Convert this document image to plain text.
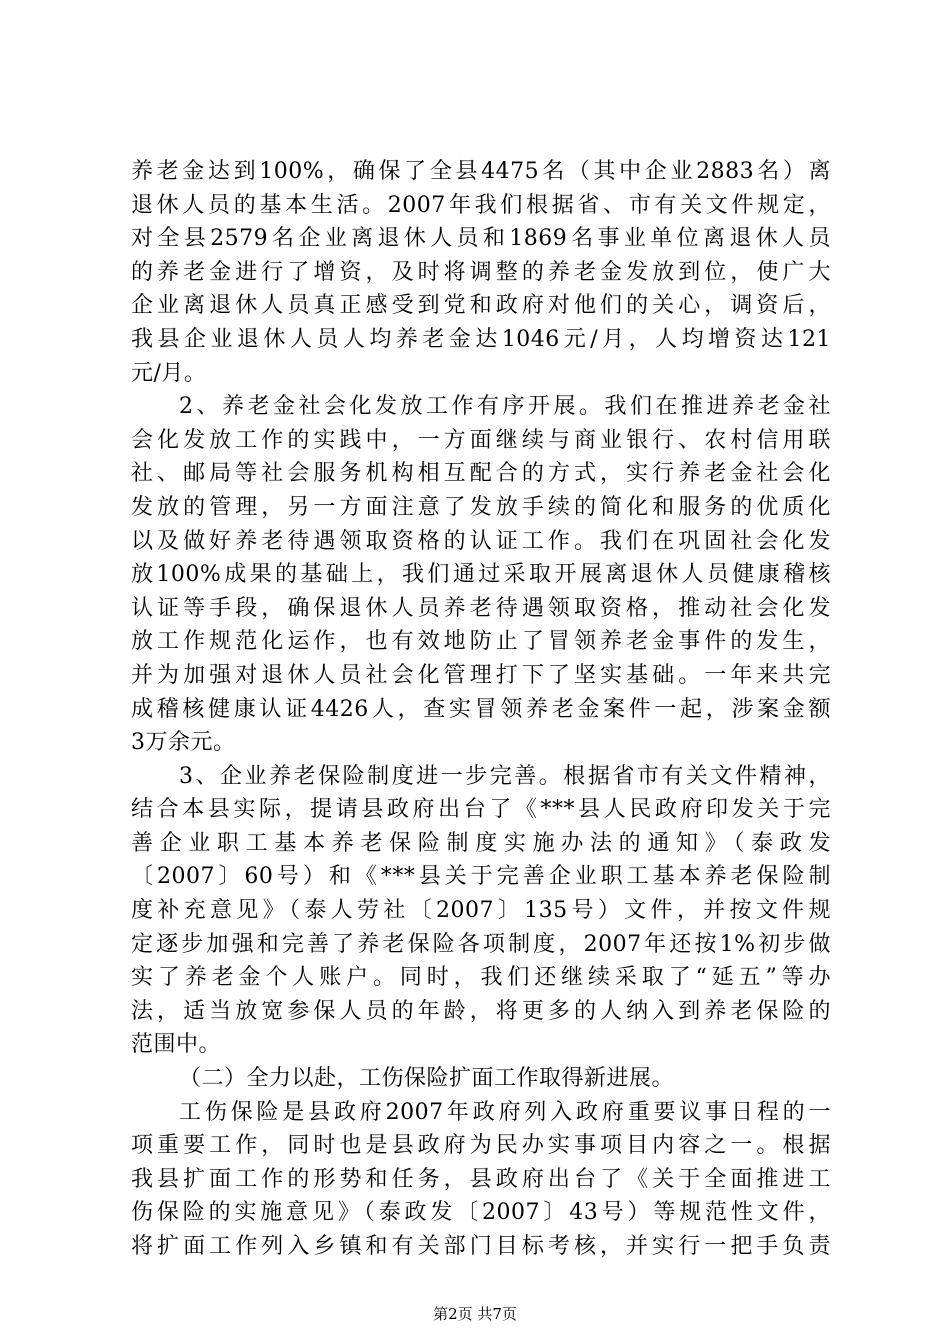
养老金达到100%，确保了全县4475名（其中企业2883名）离
退休人员的基本生活。2007年我们根据省、市有关文件规定，
对全县2579名企业离退休人员和1869名事业单位离退休人员
的养老金进行了增资，及时将调整的养老金发放到位，使广大
企业离退休人员真正感受到党和政府对他们的关心，调资后，
我县企业退休人员人均养老金达1046元/月，人均增资达121
元/月。
2、养老金社会化发放工作有序开展。我们在推进养老金社
会化发放工作的实践中，一方面继续与商业银行、农村信用联
社、邮局等社会服务机构相互配合的方式，实行养老金社会化
发放的管理，另一方面注意了发放手续的简化和服务的优质化
以及做好养老待遇领取资格的认证工作。我们在巩固社会化发
放100%成果的基础上，我们通过采取开展离退休人员健康稽核
认证等手段，确保退休人员养老待遇领取资格，推动社会化发
放工作规范化运作，也有效地防止了冒领养老金事件的发生，
并为加强对退休人员社会化管理打下了坚实基础。一年来共完
成稽核健康认证4426人，查实冒领养老金案件一起，涉案金额
3万余元。
3、企业养老保险制度进一步完善。根据省市有关文件精神，
结合本县实际，提请县政府出台了《***县人民政府印发关于完
善企业职工基本养老保险制度实施办法的通知》（泰政发
〔2007〕60号）和《***县关于完善企业职工基本养老保险制
度补充意见》（泰人劳社〔2007〕135号）文件，并按文件规
定逐步加强和完善了养老保险各项制度，2007年还按1%初步做
实了养老金个人账户。同时，我们还继续采取了“延五”等办
法，适当放宽参保人员的年龄，将更多的人纳入到养老保险的
范围中。
（二）全力以赴，工伤保险扩面工作取得新进展。
工伤保险是县政府2007年政府列入政府重要议事日程的一
项重要工作，同时也是县政府为民办实事项目内容之一。根据
我县扩面工作的形势和任务，县政府出台了《关于全面推进工
伤保险的实施意见》（泰政发〔2007〕43号）等规范性文件，
将扩面工作列入乡镇和有关部门目标考核，并实行一把手负责
第2页 共7页
